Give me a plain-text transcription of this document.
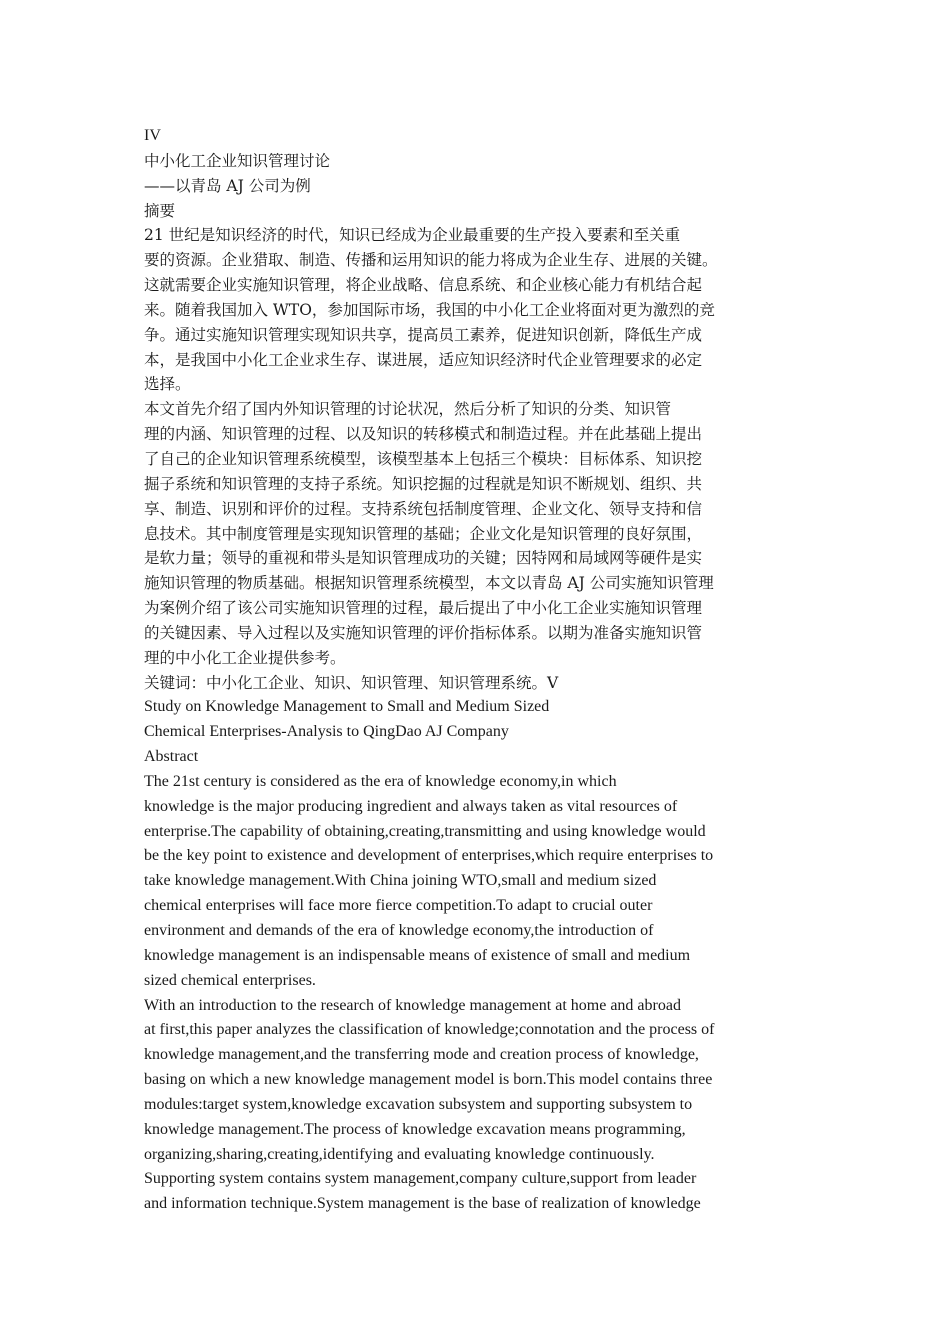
IV
中小化工企业知识管理讨论
——以青岛 AJ 公司为例
摘要
21 世纪是知识经济的时代，知识已经成为企业最重要的生产投入要素和至关重
要的资源。企业猎取、制造、传播和运用知识的能力将成为企业生存、进展的关键。
这就需要企业实施知识管理，将企业战略、信息系统、和企业核心能力有机结合起
来。随着我国加入 WTO，参加国际市场，我国的中小化工企业将面对更为激烈的竞
争。通过实施知识管理实现知识共享，提高员工素养，促进知识创新，降低生产成
本，是我国中小化工企业求生存、谋进展，适应知识经济时代企业管理要求的必定
选择。
本文首先介绍了国内外知识管理的讨论状况，然后分析了知识的分类、知识管
理的内涵、知识管理的过程、以及知识的转移模式和制造过程。并在此基础上提出
了自己的企业知识管理系统模型，该模型基本上包括三个模块：目标体系、知识挖
掘子系统和知识管理的支持子系统。知识挖掘的过程就是知识不断规划、组织、共
享、制造、识别和评价的过程。支持系统包括制度管理、企业文化、领导支持和信
息技术。其中制度管理是实现知识管理的基础；企业文化是知识管理的良好氛围，
是软力量；领导的重视和带头是知识管理成功的关键；因特网和局域网等硬件是实
施知识管理的物质基础。根据知识管理系统模型，本文以青岛 AJ 公司实施知识管理
为案例介绍了该公司实施知识管理的过程，最后提出了中小化工企业实施知识管理
的关键因素、导入过程以及实施知识管理的评价指标体系。以期为准备实施知识管
理的中小化工企业提供参考。
关键词：中小化工企业、知识、知识管理、知识管理系统。V
Study on Knowledge Management to Small and Medium Sized
Chemical Enterprises-Analysis to QingDao AJ Company
Abstract
The 21st century is considered as the era of knowledge economy,in which
knowledge is the major producing ingredient and always taken as vital resources of
enterprise.The capability of obtaining,creating,transmitting and using knowledge would
be the key point to existence and development of enterprises,which require enterprises to
take knowledge management.With China joining WTO,small and medium sized
chemical enterprises will face more fierce competition.To adapt to crucial outer
environment and demands of the era of knowledge economy,the introduction of
knowledge management is an indispensable means of existence of small and medium
sized chemical enterprises.
With an introduction to the research of knowledge management at home and abroad
at first,this paper analyzes the classification of knowledge;connotation and the process of
knowledge management,and the transferring mode and creation process of knowledge,
basing on which a new knowledge management model is born.This model contains three
modules:target system,knowledge excavation subsystem and supporting subsystem to
knowledge management.The process of knowledge excavation means programming,
organizing,sharing,creating,identifying and evaluating knowledge continuously.
Supporting system contains system management,company culture,support from leader
and information technique.System management is the base of realization of knowledge
